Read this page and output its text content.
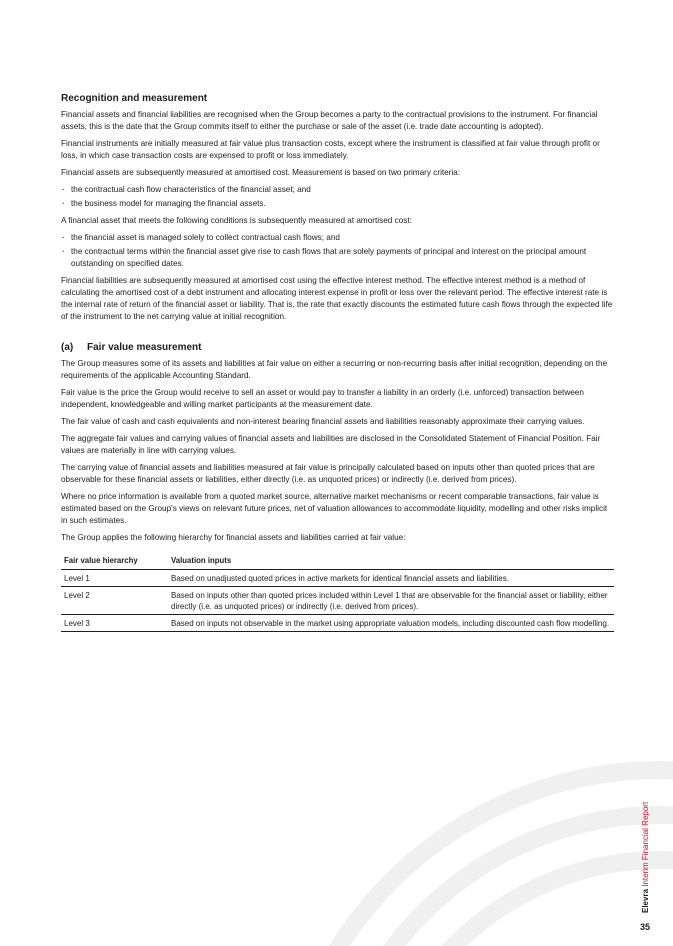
Recognition and measurement

Financial assets and financial liabilities are recognised when the Group becomes a party to the contractual provisions to the instrument. For financial assets, this is the date that the Group commits itself to either the purchase or sale of the asset (i.e. trade date accounting is adopted).

Financial instruments are initially measured at fair value plus transaction costs, except where the instrument is classified at fair value through profit or loss, in which case transaction costs are expensed to profit or loss immediately.

Financial assets are subsequently measured at amortised cost. Measurement is based on two primary criteria:

· the contractual cash flow characteristics of the financial asset; and
· the business model for managing the financial assets.

A financial asset that meets the following conditions is subsequently measured at amortised cost:

· the financial asset is managed solely to collect contractual cash flows; and
· the contractual terms within the financial asset give rise to cash flows that are solely payments of principal and interest on the principal amount outstanding on specified dates.

Financial liabilities are subsequently measured at amortised cost using the effective interest method. The effective interest method is a method of calculating the amortised cost of a debt instrument and allocating interest expense in profit or loss over the relevant period. The effective interest rate is the internal rate of return of the financial asset or liability. That is, the rate that exactly discounts the estimated future cash flows through the expected life of the instrument to the net carrying value at initial recognition.

(a) Fair value measurement

The Group measures some of its assets and liabilities at fair value on either a recurring or non-recurring basis after initial recognition, depending on the requirements of the applicable Accounting Standard.

Fair value is the price the Group would receive to sell an asset or would pay to transfer a liability in an orderly (i.e. unforced) transaction between independent, knowledgeable and willing market participants at the measurement date.

The fair value of cash and cash equivalents and non-interest bearing financial assets and liabilities reasonably approximate their carrying values.

The aggregate fair values and carrying values of financial assets and liabilities are disclosed in the Consolidated Statement of Financial Position. Fair values are materially in line with carrying values.

The carrying value of financial assets and liabilities measured at fair value is principally calculated based on inputs other than quoted prices that are observable for these financial assets or liabilities, either directly (i.e. as unquoted prices) or indirectly (i.e. derived from prices).

Where no price information is available from a quoted market source, alternative market mechanisms or recent comparable transactions, fair value is estimated based on the Group's views on relevant future prices, net of valuation allowances to accommodate liquidity, modelling and other risks implicit in such estimates.

The Group applies the following hierarchy for financial assets and liabilities carried at fair value:

Fair value hierarchy	Valuation inputs
Level 1	Based on unadjusted quoted prices in active markets for identical financial assets and liabilities.
Level 2	Based on inputs other than quoted prices included within Level 1 that are observable for the financial asset or liability, either directly (i.e. as unquoted prices) or indirectly (i.e. derived from prices).
Level 3	Based on inputs not observable in the market using appropriate valuation models, including discounted cash flow modelling.
Elevra Interim Financial Report
35
